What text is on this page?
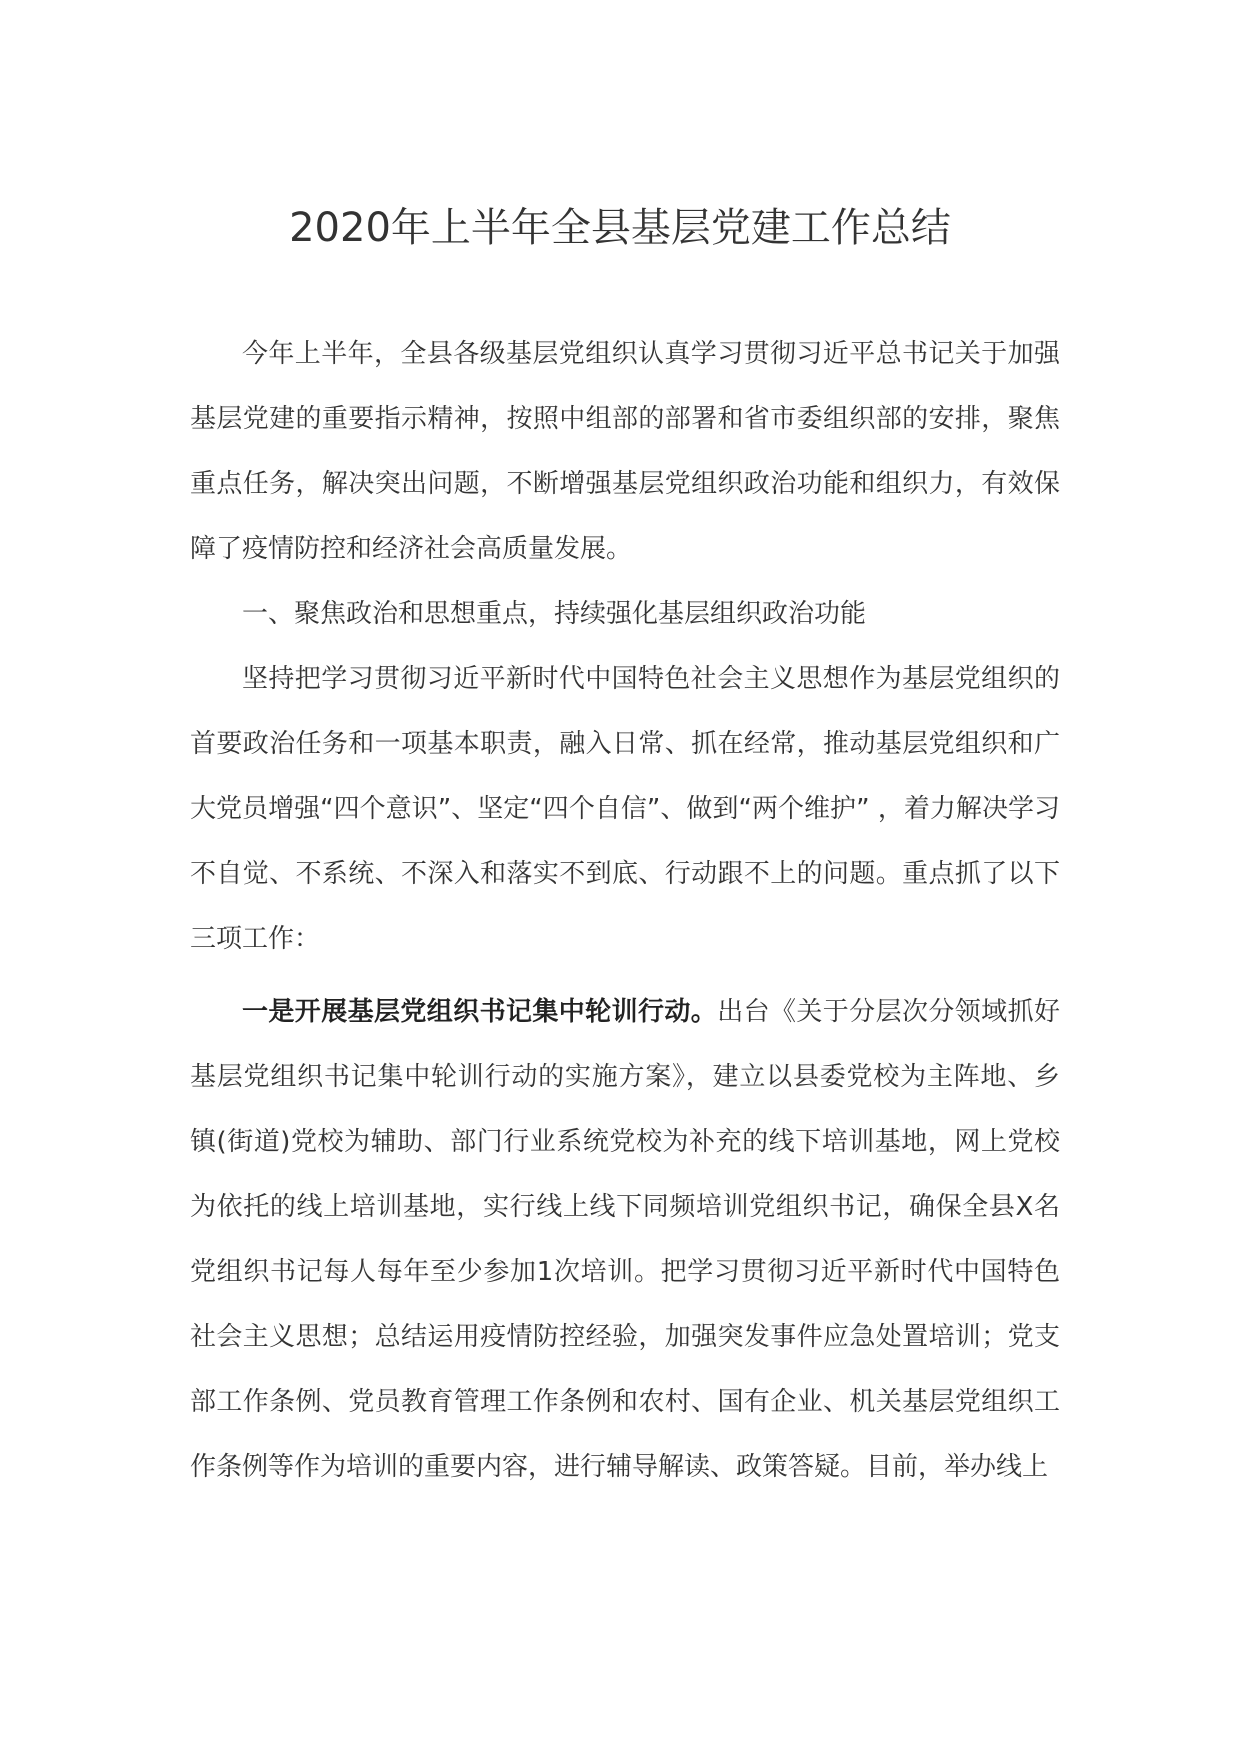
2020年上半年全县基层党建工作总结

今年上半年，全县各级基层党组织认真学习贯彻习近平总书记关于加强基层党建的重要指示精神，按照中组部的部署和省市委组织部的安排，聚焦重点任务，解决突出问题，不断增强基层党组织政治功能和组织力，有效保障了疫情防控和经济社会高质量发展。

一、聚焦政治和思想重点，持续强化基层组织政治功能

坚持把学习贯彻习近平新时代中国特色社会主义思想作为基层党组织的首要政治任务和一项基本职责，融入日常、抓在经常，推动基层党组织和广大党员增强“四个意识”、坚定“四个自信”、做到“两个维护” ，着力解决学习不自觉、不系统、不深入和落实不到底、行动跟不上的问题。重点抓了以下三项工作：

一是开展基层党组织书记集中轮训行动。出台《关于分层次分领域抓好基层党组织书记集中轮训行动的实施方案》，建立以县委党校为主阵地、乡镇(街道)党校为辅助、部门行业系统党校为补充的线下培训基地，网上党校为依托的线上培训基地，实行线上线下同频培训党组织书记，确保全县X名党组织书记每人每年至少参加1次培训。把学习贯彻习近平新时代中国特色社会主义思想；总结运用疫情防控经验，加强突发事件应急处置培训；党支部工作条例、党员教育管理工作条例和农村、国有企业、机关基层党组织工作条例等作为培训的重要内容，进行辅导解读、政策答疑。目前，举办线上
